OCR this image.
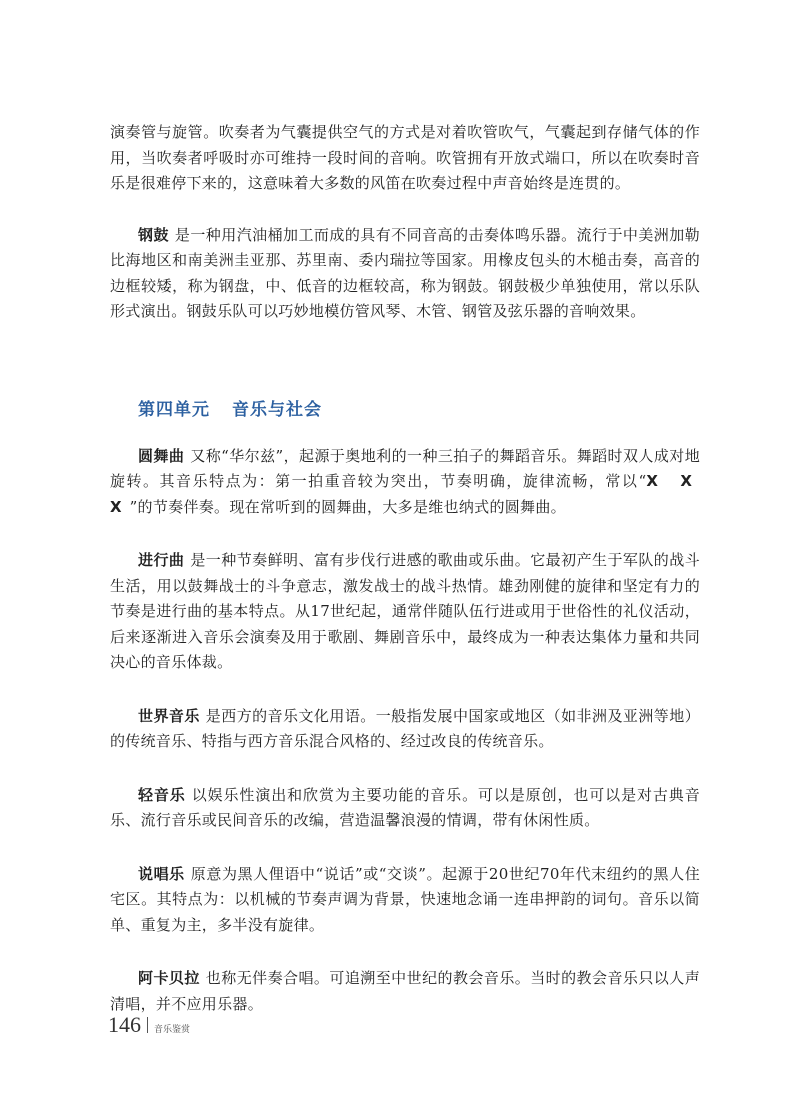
演奏管与旋管。吹奏者为气囊提供空气的方式是对着吹管吹气，气囊起到存储气体的作用，当吹奏者呼吸时亦可维持一段时间的音响。吹管拥有开放式端口，所以在吹奏时音乐是很难停下来的，这意味着大多数的风笛在吹奏过程中声音始终是连贯的。

钢鼓 是一种用汽油桶加工而成的具有不同音高的击奏体鸣乐器。流行于中美洲加勒比海地区和南美洲圭亚那、苏里南、委内瑞拉等国家。用橡皮包头的木槌击奏，高音的边框较矮，称为钢盘，中、低音的边框较高，称为钢鼓。钢鼓极少单独使用，常以乐队形式演出。钢鼓乐队可以巧妙地模仿管风琴、木管、钢管及弦乐器的音响效果。

第四单元 音乐与社会

圆舞曲 又称“华尔兹”，起源于奥地利的一种三拍子的舞蹈音乐。舞蹈时双人成对地旋转。其音乐特点为：第一拍重音较为突出，节奏明确，旋律流畅，常以“X X X”的节奏伴奏。现在常听到的圆舞曲，大多是维也纳式的圆舞曲。

进行曲 是一种节奏鲜明、富有步伐行进感的歌曲或乐曲。它最初产生于军队的战斗生活，用以鼓舞战士的斗争意志，激发战士的战斗热情。雄劲刚健的旋律和坚定有力的节奏是进行曲的基本特点。从17世纪起，通常伴随队伍行进或用于世俗性的礼仪活动，后来逐渐进入音乐会演奏及用于歌剧、舞剧音乐中，最终成为一种表达集体力量和共同决心的音乐体裁。

世界音乐 是西方的音乐文化用语。一般指发展中国家或地区（如非洲及亚洲等地）的传统音乐、特指与西方音乐混合风格的、经过改良的传统音乐。

轻音乐 以娱乐性演出和欣赏为主要功能的音乐。可以是原创，也可以是对古典音乐、流行音乐或民间音乐的改编，营造温馨浪漫的情调，带有休闲性质。

说唱乐 原意为黑人俚语中“说话”或“交谈”。起源于20世纪70年代末纽约的黑人住宅区。其特点为：以机械的节奏声调为背景，快速地念诵一连串押韵的词句。音乐以简单、重复为主，多半没有旋律。

阿卡贝拉 也称无伴奏合唱。可追溯至中世纪的教会音乐。当时的教会音乐只以人声清唱，并不应用乐器。

146 音乐鉴赏
